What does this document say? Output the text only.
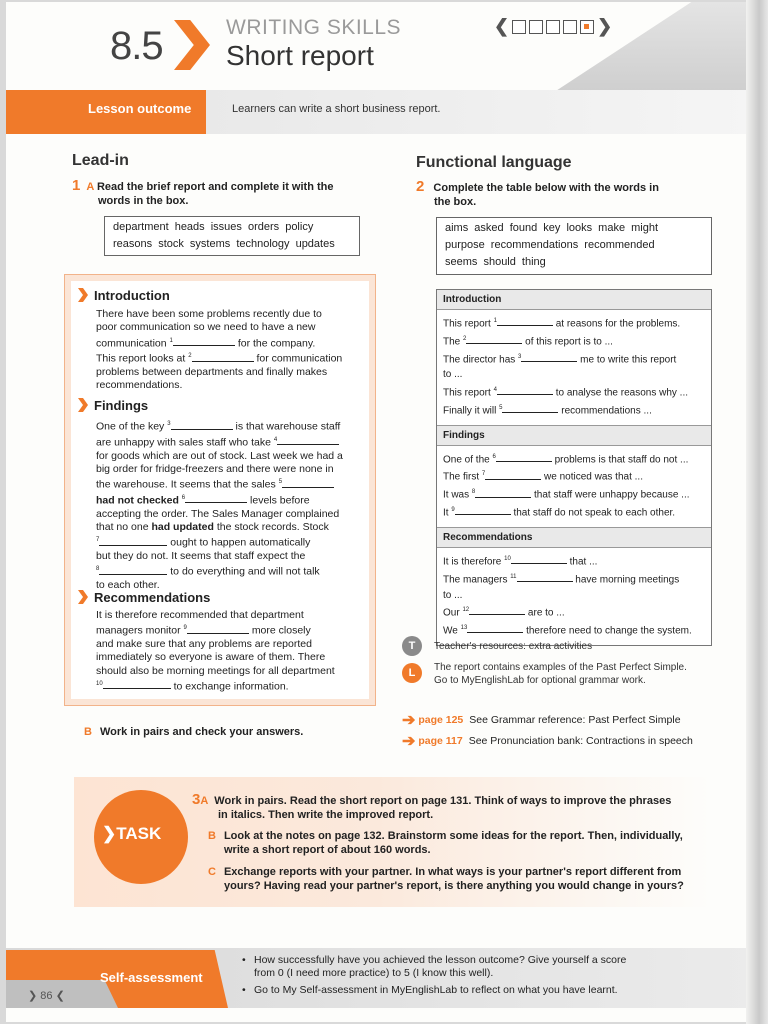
8.5	WRITING SKILLS
Short report
❮	❯
Lesson outcome	Learners can write a short business report.
Lead-in
1 A Read the brief report and complete it with the
words in the box.
department heads issues orders policy
reasons stock systems technology updates
Introduction
There have been some problems recently due to
poor communication so we need to have a new
communication $^1$	for the company.
This report looks at $^2$	for communication
problems between departments and finally makes
recommendations.
Findings
One of the key $^3$	is that warehouse staff
are unhappy with sales staff who take $^4$
for goods which are out of stock. Last week we had a
big order for fridge-freezers and there were none in
the warehouse. It seems that the sales $^5$
had not checked $^6$	levels before
accepting the order. The Sales Manager complained
that no one had updated the stock records. Stock
$^7$	ought to happen automatically
but they do not. It seems that staff expect the
$^8$	to do everything and will not talk
to each other.
Recommendations
It is therefore recommended that department
managers monitor $^9$	more closely
and make sure that any problems are reported
immediately so everyone is aware of them. There
should also be morning meetings for all department
$^{10}$	to exchange information.
B Work in pairs and check your answers.
Functional language
2 Complete the table below with the words in
the box.
aims asked found key looks make might
purpose recommendations recommended
seems should thing
Introduction
This report $^1$	at reasons for the problems.
The $^2$	of this report is to ...
The director has $^3$	me to write this report
to ...
This report $^4$	to analyse the reasons why ...
Finally it will $^5$	recommendations ...
Findings
One of the $^6$	problems is that staff do not ...
The first $^7$	we noticed was that ...
It was $^8$	that staff were unhappy because ...
It $^9$	that staff do not speak to each other.
Recommendations
It is therefore $^{10}$	that ...
The managers $^{11}$	have morning meetings
to ...
Our $^{12}$	are to ...
We $^{13}$	therefore need to change the system.
T	Teacher's resources: extra activities
L	The report contains examples of the Past Perfect Simple.
Go to MyEnglishLab for optional grammar work.
➔ page 125 See Grammar reference: Past Perfect Simple
➔ page 117 See Pronunciation bank: Contractions in speech
❯TASK
3A Work in pairs. Read the short report on page 131. Think of ways to improve the phrases
in italics. Then write the improved report.
B Look at the notes on page 132. Brainstorm some ideas for the report. Then, individually,
write a short report of about 160 words.
C Exchange reports with your partner. In what ways is your partner's report different from
yours? Having read your partner's report, is there anything you would change in yours?
Self-assessment
❯ 86 ❮
• How successfully have you achieved the lesson outcome? Give yourself a score
from 0 (I need more practice) to 5 (I know this well).
• Go to My Self-assessment in MyEnglishLab to reflect on what you have learnt.
